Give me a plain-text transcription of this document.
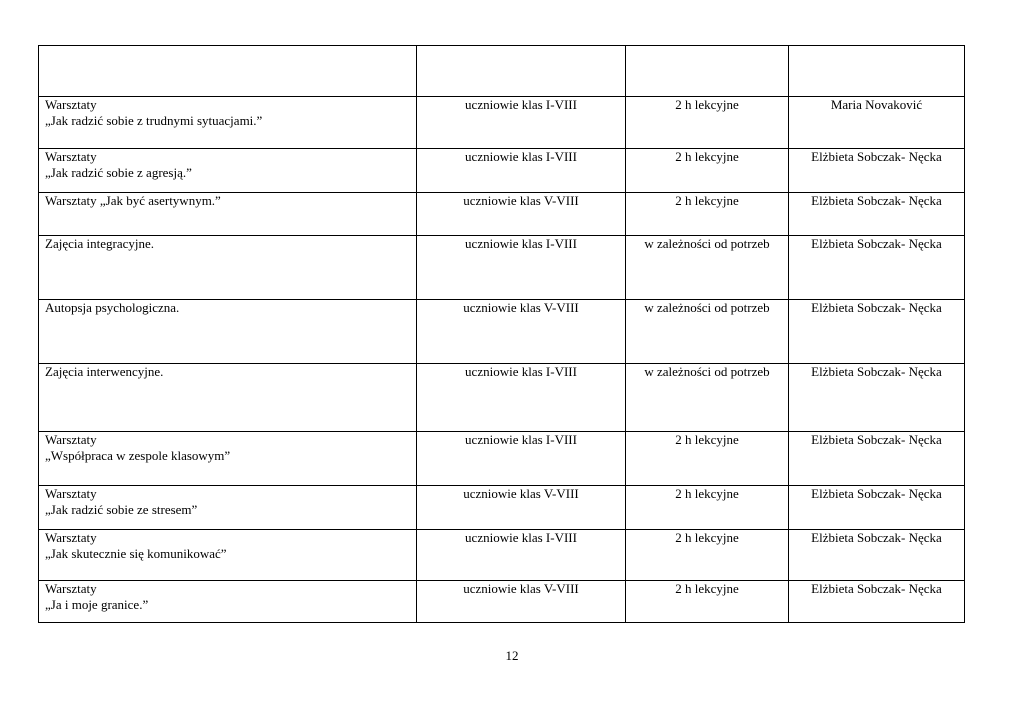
Warsztaty
„Jak radzić sobie z trudnymi sytuacjami.”	uczniowie klas I-VIII	2 h lekcyjne	Maria Novaković

Warsztaty
„Jak radzić sobie z agresją.”	uczniowie klas I-VIII	2 h lekcyjne	Elżbieta Sobczak- Nęcka

Warsztaty „Jak być asertywnym.”	uczniowie klas V-VIII	2 h lekcyjne	Elżbieta Sobczak- Nęcka

Zajęcia integracyjne.	uczniowie klas I-VIII	w zależności od potrzeb	Elżbieta Sobczak- Nęcka

Autopsja psychologiczna.	uczniowie klas V-VIII	w zależności od potrzeb	Elżbieta Sobczak- Nęcka

Zajęcia interwencyjne.	uczniowie klas I-VIII	w zależności od potrzeb	Elżbieta Sobczak- Nęcka

Warsztaty
„Współpraca w zespole klasowym”	uczniowie klas I-VIII	2 h lekcyjne	Elżbieta Sobczak- Nęcka

Warsztaty
„Jak radzić sobie ze stresem”	uczniowie klas V-VIII	2 h lekcyjne	Elżbieta Sobczak- Nęcka

Warsztaty
„Jak skutecznie się komunikować”	uczniowie klas I-VIII	2 h lekcyjne	Elżbieta Sobczak- Nęcka

Warsztaty
„Ja i moje granice.”	uczniowie klas V-VIII	2 h lekcyjne	Elżbieta Sobczak- Nęcka
12
